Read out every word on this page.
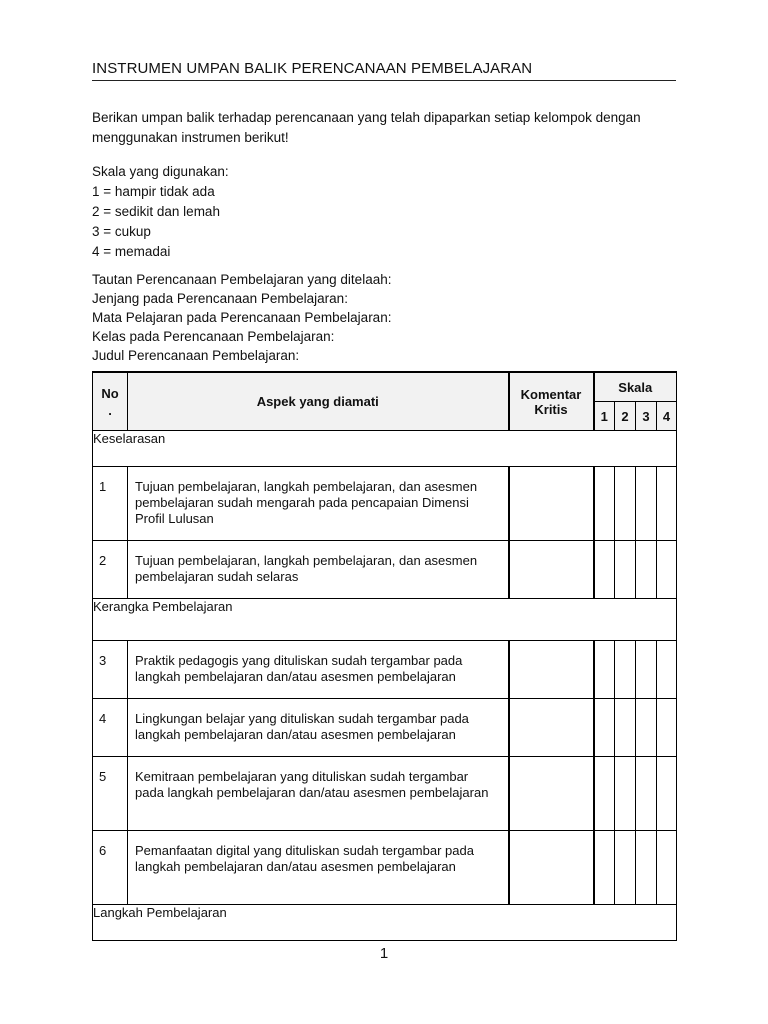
INSTRUMEN UMPAN BALIK PERENCANAAN PEMBELAJARAN
Berikan umpan balik terhadap perencanaan yang telah dipaparkan setiap kelompok dengan menggunakan instrumen berikut!
Skala yang digunakan:
1 = hampir tidak ada
2 = sedikit dan lemah
3 = cukup
4 = memadai
Tautan Perencanaan Pembelajaran yang ditelaah:
Jenjang pada Perencanaan Pembelajaran:
Mata Pelajaran pada Perencanaan Pembelajaran:
Kelas pada Perencanaan Pembelajaran:
Judul Perencanaan Pembelajaran:
No
.	Aspek yang diamati	Komentar Kritis	Skala			
			1	2	3	4
Keselarasan						
1	Tujuan pembelajaran, langkah pembelajaran, dan asesmen pembelajaran sudah mengarah pada pencapaian Dimensi Profil Lulusan					
2	Tujuan pembelajaran, langkah pembelajaran, dan asesmen pembelajaran sudah selaras					
Kerangka Pembelajaran						
3	Praktik pedagogis yang dituliskan sudah tergambar pada langkah pembelajaran dan/atau asesmen pembelajaran					
4	Lingkungan belajar yang dituliskan sudah tergambar pada langkah pembelajaran dan/atau asesmen pembelajaran					
5	Kemitraan pembelajaran yang dituliskan sudah tergambar pada langkah pembelajaran dan/atau asesmen pembelajaran					
6	Pemanfaatan digital yang dituliskan sudah tergambar pada langkah pembelajaran dan/atau asesmen pembelajaran					
Langkah Pembelajaran						
1
